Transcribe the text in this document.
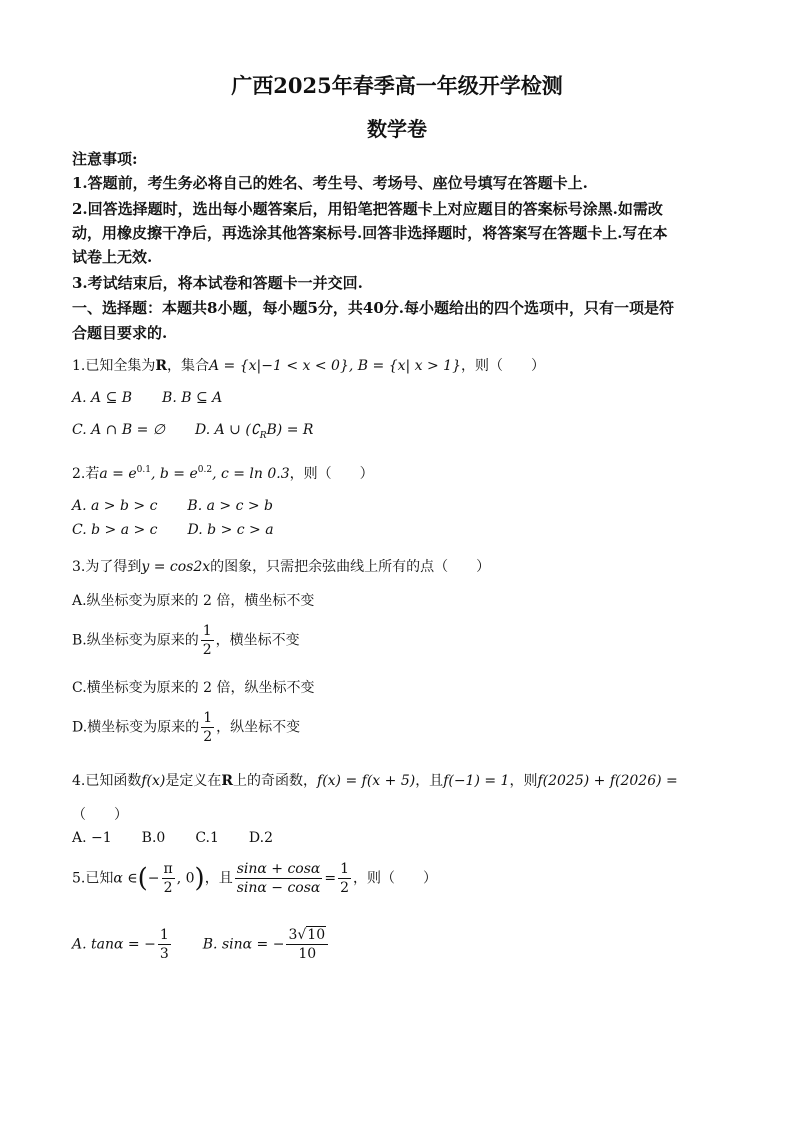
广西2025年春季高一年级开学检测
数学卷
注意事项:
1.答题前，考生务必将自己的姓名、考生号、考场号、座位号填写在答题卡上.
2.回答选择题时，选出每小题答案后，用铅笔把答题卡上对应题目的答案标号涂黑.如需改
动，用橡皮擦干净后，再选涂其他答案标号.回答非选择题时，将答案写在答题卡上.写在本
试卷上无效.
3.考试结束后，将本试卷和答题卡一并交回.
一、选择题：本题共8小题，每小题5分，共40分.每小题给出的四个选项中，只有一项是符
合题目要求的.
1.已知全集为R，集合A = {x|−1 < x < 0}, B = {x| x > 1}，则（　　）
A. A ⊆ B B. B ⊆ A
C. A ∩ B = ∅ D. A ∪ $(∁_RB) = R$
2.若$a = e^{0.1}$, $b = e^{0.2}$, c = ln 0.3，则（　　）
A. a > b > c B. a > c > b
C. b > a > c D. b > c > a
3.为了得到y = cos2x的图象，只需把余弦曲线上所有的点（　　）
A.纵坐标变为原来的 2 倍，横坐标不变
B.纵坐标变为原来的 $\frac{1}{2}$ ，横坐标不变
C.横坐标变为原来的 2 倍，纵坐标不变
D.横坐标变为原来的 $\frac{1}{2}$ ，纵坐标不变
4.已知函数f(x)是定义在R上的奇函数，f(x) = f(x + 5)，且f(−1) = 1，则f(2025) + f(2026) =
（　　）
A. −1 B.0 C.1 D.2
5.已知α ∈(− $\frac{\pi}{2}$ , 0)，且 $\frac{\sin\alpha + \cos\alpha}{\sin\alpha - \cos\alpha} = \frac{1}{2}$ ，则（　　）
A. tanα = − $\frac{1}{3} B$. sinα = − $\frac{3√10}{10}$
